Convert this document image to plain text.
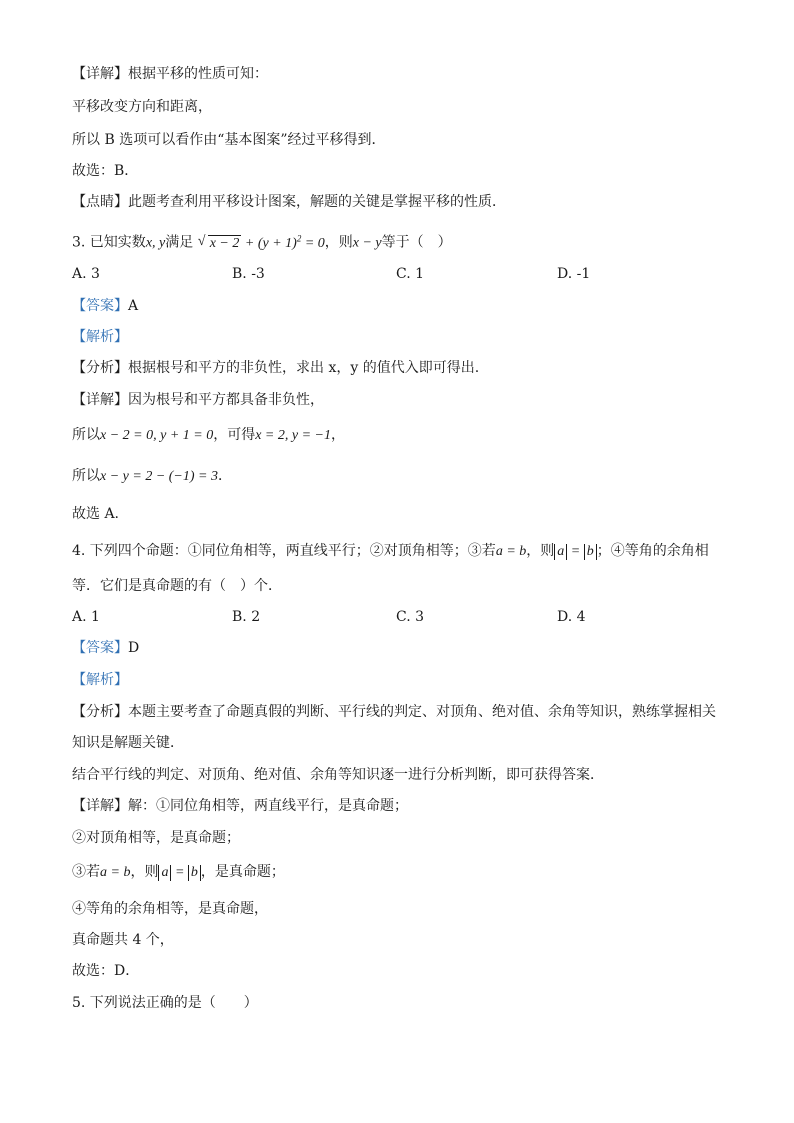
【详解】根据平移的性质可知：
平移改变方向和距离，
所以 B 选项可以看作由“基本图案”经过平移得到．
故选：B．
【点睛】此题考查利用平移设计图案，解题的关键是掌握平移的性质．
3. 已知实数x, y满足 √ $x - 2 + (y + 1)^2 = 0$，则x − y等于（　）
A. 3	B. -3	C. 1	D. -1
【答案】A
【解析】
【分析】根据根号和平方的非负性，求出 x，y 的值代入即可得出.
【详解】因为根号和平方都具备非负性，
所以x − 2 = 0, y + 1 = 0，可得x = 2, y = −1，
所以x − y = 2 − (−1) = 3．
故选 A.
4. 下列四个命题：①同位角相等，两直线平行；②对顶角相等；③若a = b，则 a = b ；④等角的余角相
等．它们是真命题的有（　）个．
A. 1	B. 2	C. 3	D. 4
【答案】D
【解析】
【分析】本题主要考查了命题真假的判断、平行线的判定、对顶角、绝对值、余角等知识，熟练掌握相关
知识是解题关键．
结合平行线的判定、对顶角、绝对值、余角等知识逐一进行分析判断，即可获得答案．
【详解】解：①同位角相等，两直线平行，是真命题；
②对顶角相等，是真命题；
③若a = b，则 a = b ，是真命题；
④等角的余角相等，是真命题，
真命题共 4 个，
故选：D．
5. 下列说法正确的是（　　）
